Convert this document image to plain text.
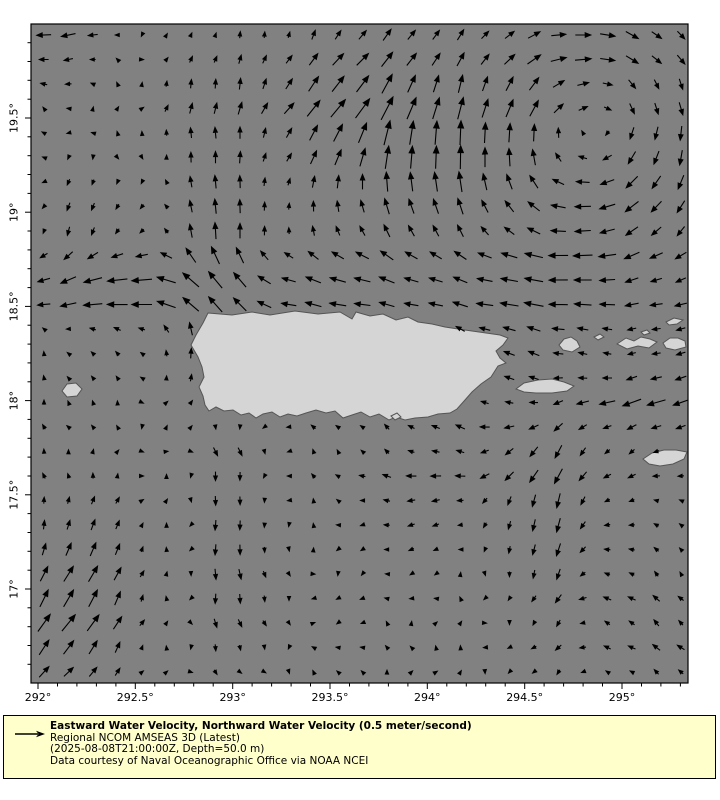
292°	292.5°	293°	293.5°	294°	294.5°	295°
17°
17.5°
18°
18.5°
19°
19.5°
Eastward Water Velocity, Northward Water Velocity (0.5 meter/second)
Regional NCOM AMSEAS 3D (Latest)
(2025-08-08T21:00:00Z, Depth=50.0 m)
Data courtesy of Naval Oceanographic Office via NOAA NCEI
